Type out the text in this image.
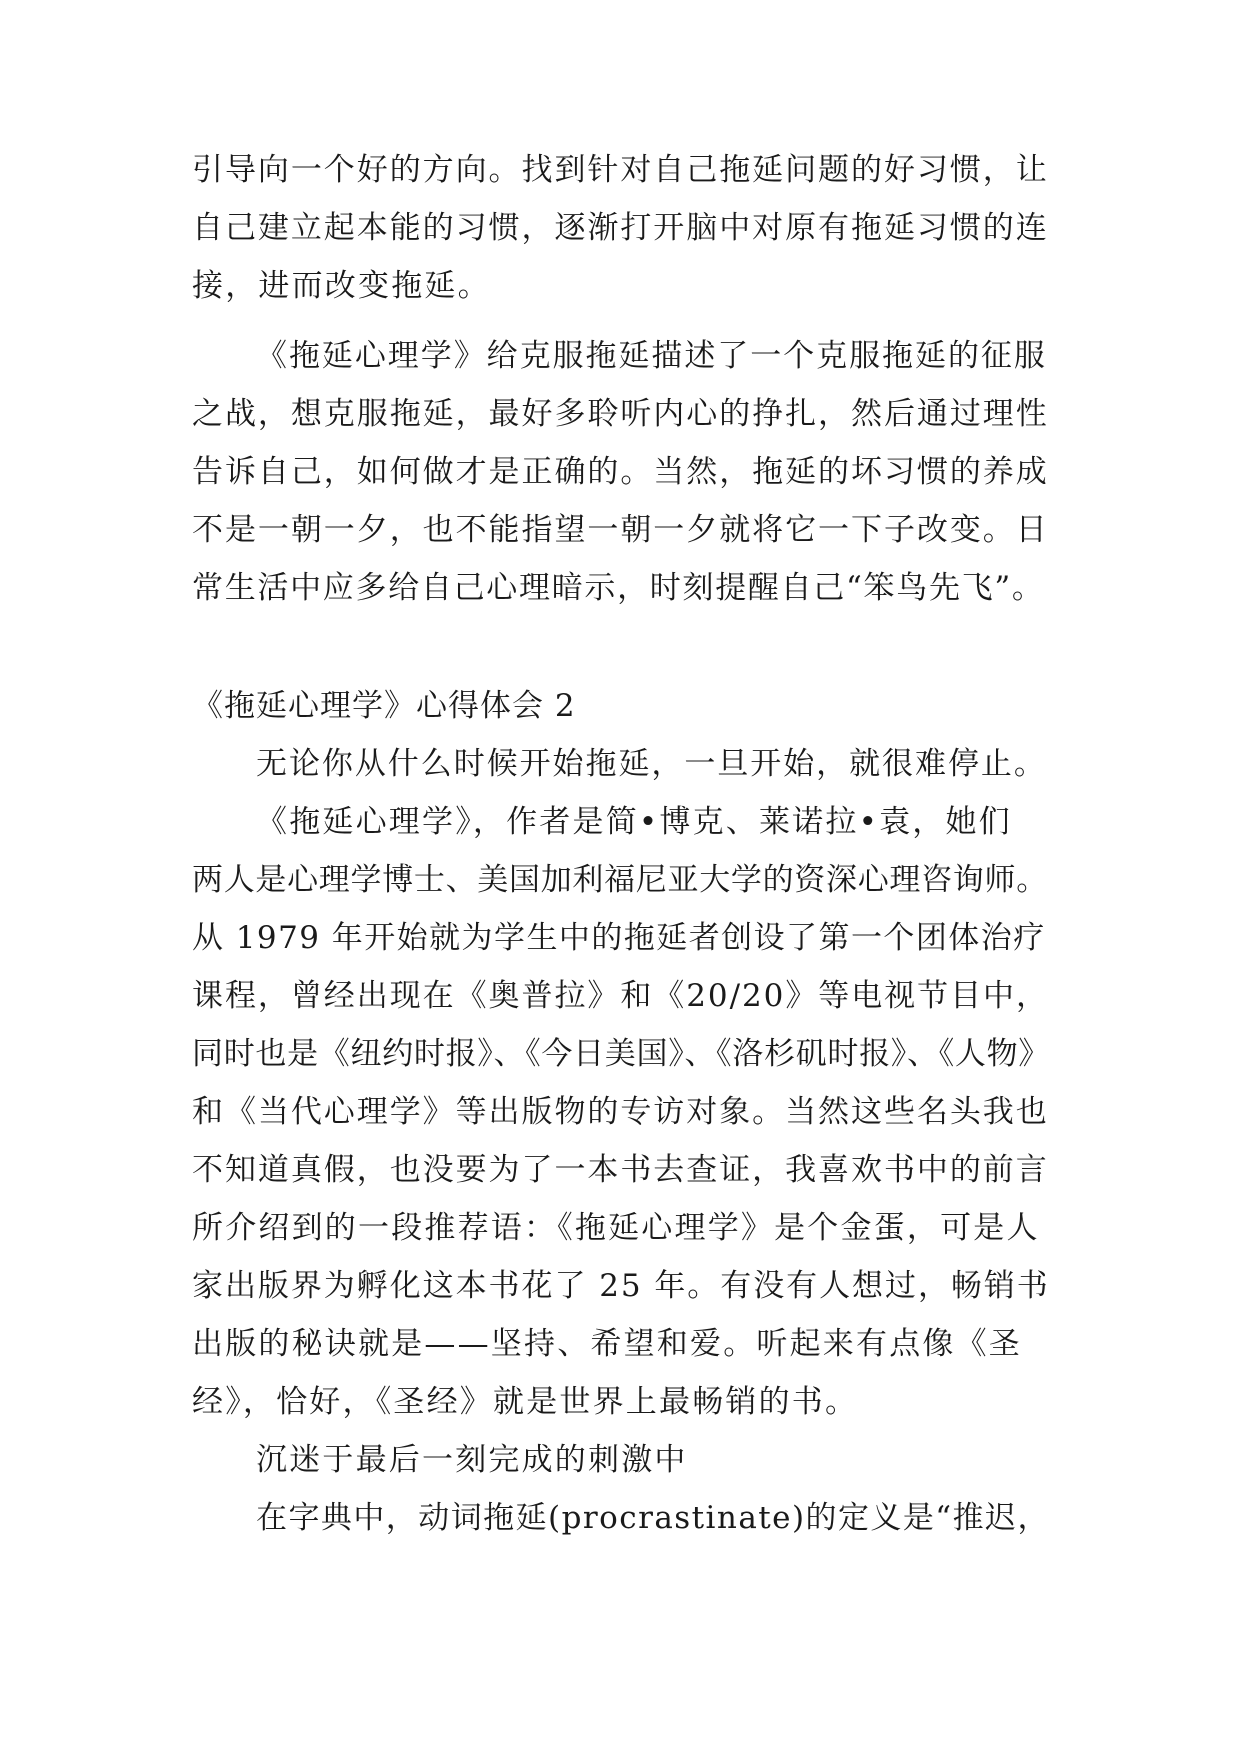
引导向一个好的方向。找到针对自己拖延问题的好习惯，让
自己建立起本能的习惯，逐渐打开脑中对原有拖延习惯的连
接，进而改变拖延。
《拖延心理学》给克服拖延描述了一个克服拖延的征服
之战，想克服拖延，最好多聆听内心的挣扎，然后通过理性
告诉自己，如何做才是正确的。当然，拖延的坏习惯的养成
不是一朝一夕，也不能指望一朝一夕就将它一下子改变。日
常生活中应多给自己心理暗示，时刻提醒自己“笨鸟先飞”。
《拖延心理学》心得体会 2
无论你从什么时候开始拖延，一旦开始，就很难停止。
《拖延心理学》，作者是简•博克、莱诺拉•袁，她们
两人是心理学博士、美国加利福尼亚大学的资深心理咨询师。
从 1979 年开始就为学生中的拖延者创设了第一个团体治疗
课程，曾经出现在《奥普拉》和《20/20》等电视节目中，
同时也是《纽约时报》、《今日美国》、《洛杉矶时报》、《人物》
和《当代心理学》等出版物的专访对象。当然这些名头我也
不知道真假，也没要为了一本书去查证，我喜欢书中的前言
所介绍到的一段推荐语：《拖延心理学》是个金蛋，可是人
家出版界为孵化这本书花了 25 年。有没有人想过，畅销书
出版的秘诀就是——坚持、希望和爱。听起来有点像《圣
经》，恰好，《圣经》就是世界上最畅销的书。
沉迷于最后一刻完成的刺激中
在字典中，动词拖延(procrastinate)的定义是“推迟，
